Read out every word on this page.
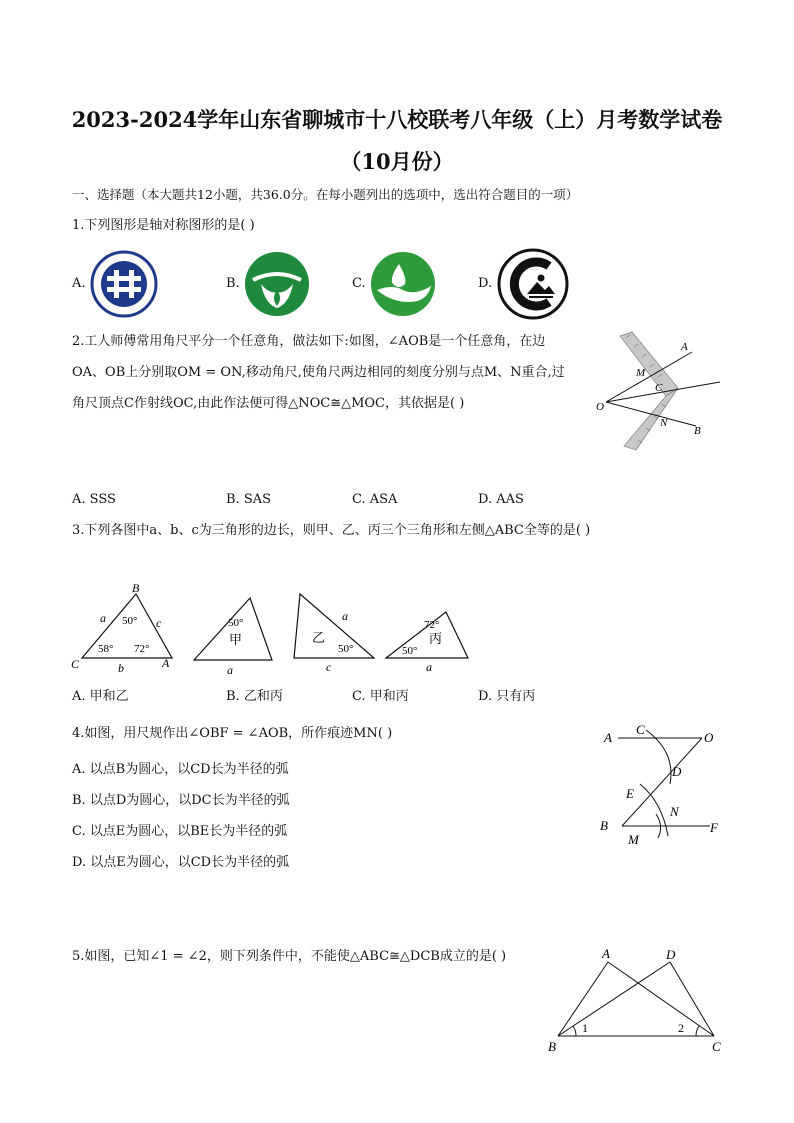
2023-2024学年山东省聊城市十八校联考八年级（上）月考数学试卷
（10月份）
一、选择题（本大题共12小题，共36.0分。在每小题列出的选项中，选出符合题目的一项）
1.下列图形是轴对称图形的是( )
A.	B.	C.	D.
2.工人师傅常用角尺平分一个任意角，做法如下:如图，∠AOB是一个任意角，在边
OA、OB上分别取OM = ON,移动角尺,使角尺两边相同的刻度分别与点M、N重合,过
角尺顶点C作射线OC,由此作法便可得△NOC≅△MOC，其依据是( )
A
M
C
O
N
B
A. SSS	B. SAS	C. ASA	D. AAS
3.下列各图中a、b、c为三角形的边长，则甲、乙、丙三个三角形和左侧△ABC全等的是( )
B
C	A
a	c
b
50°
58° 72°
50°
甲
a
a
乙
50°
c
72°
丙
50°
a
A. 甲和乙	B. 乙和丙	C. 甲和丙	D. 只有丙
4.如图，用尺规作出∠OBF = ∠AOB，所作痕迹MN( )
A. 以点B为圆心，以CD长为半径的弧
B. 以点D为圆心，以DC长为半径的弧
C. 以点E为圆心，以BE长为半径的弧
D. 以点E为圆心，以CD长为半径的弧
A
C
O
D
E
B
N
F
M
5.如图，已知∠1 = ∠2，则下列条件中，不能使△ABC≅△DCB成立的是( )	A	D
B	C
1	2
